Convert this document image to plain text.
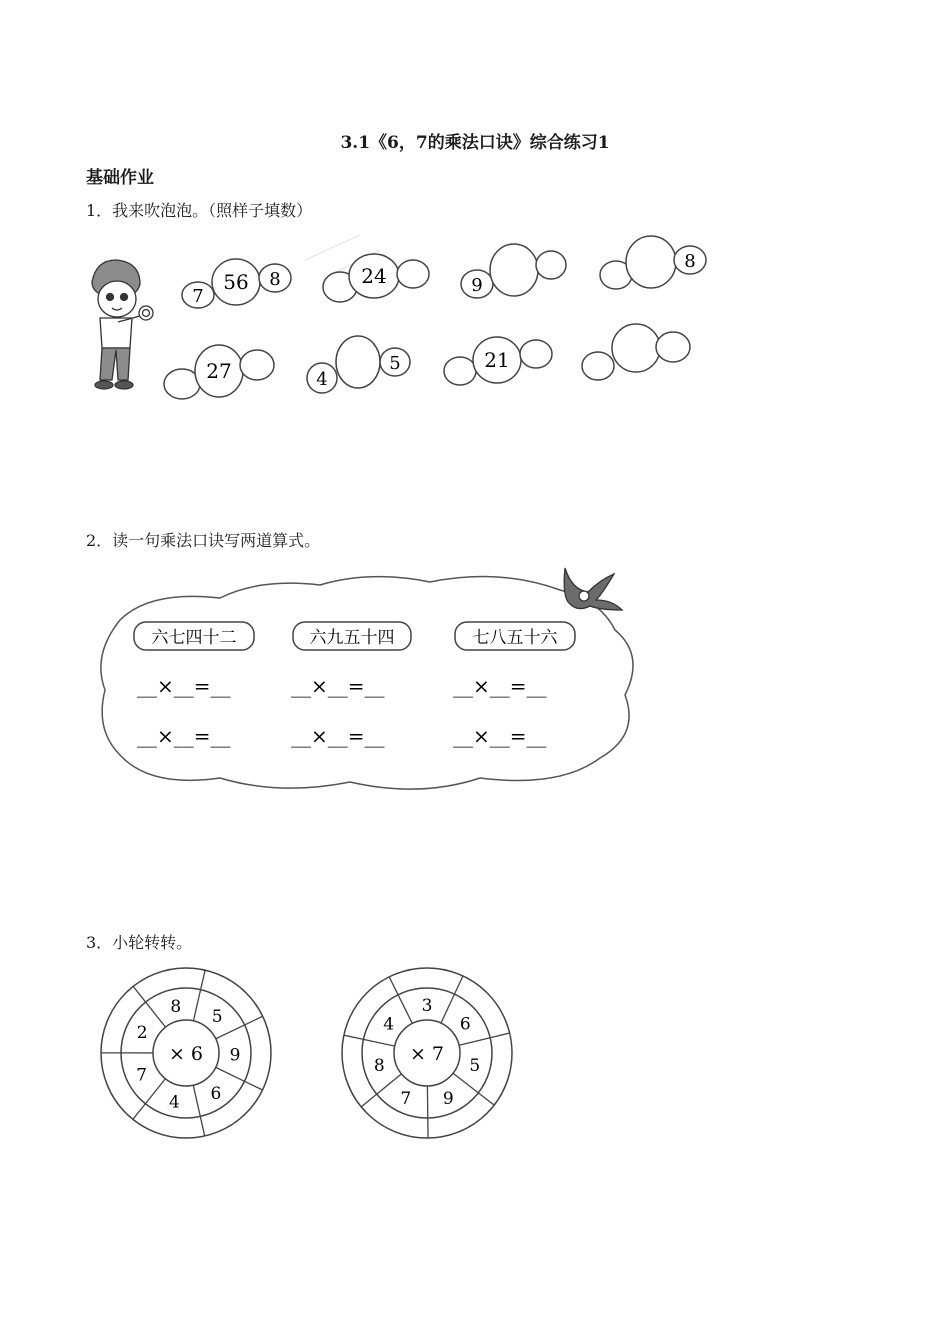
3.1《6，7的乘法口诀》综合练习1
基础作业
1．我来吹泡泡。（照样子填数）
7
56 8	24	9
8
27	4
5	21
2．读一句乘法口诀写两道算式。
六七四十二	六九五十四	七八五十六
__×__=__	__×__=__	__×__=__
__×__=__	__×__=__	__×__=__
3．小轮转转。
× 6
8
5
9
6
4
7
2
× 7
3
6
5
9
7
8
4
